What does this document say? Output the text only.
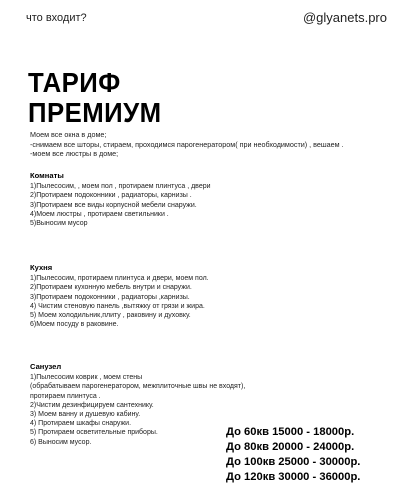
что входит?	@glyanets.pro
ТАРИФ
ПРЕМИУМ
Моем все окна в доме;
-снимаем все шторы, стираем, проходимся парогенератором( при необходимости) , вешаем .
-моем все люстры в доме;
Комнаты
1)Пылесосим, , моем пол , протираем плинтуса , двери
2)Протираем подоконники , радиаторы, карнизы .
3)Протираем все виды корпусной мебели снаружи.
4)Моем люстры , протираем светильники .
5)Выносим мусор
Кухня
1)Пылесосим, протираем плинтуса и двери, моем пол.
2)Протираем кухонную мебель внутри и снаружи.
3)Протираем подоконники , радиаторы ,карнизы.
4) Чистим стеновую панель ,вытяжку от грязи и жира.
5) Моем холодильник,плиту , раковину и духовку.
6)Моем посуду в раковине.
Санузел
1)Пылесосим коврик , моем стены
(обрабатываем парогенератором, межплиточные швы не входят),
протираем плинтуса .
2)Чистим дезинфицируем сантехнику.
3) Моем ванну и душевую кабину.
4) Протираем шкафы снаружи.
5) Протираем осветительные приборы.
6) Выносим мусор.
До 60кв 15000 - 18000р.
До 80кв 20000 - 24000р.
До 100кв 25000 - 30000р.
До 120кв 30000 - 36000р.
